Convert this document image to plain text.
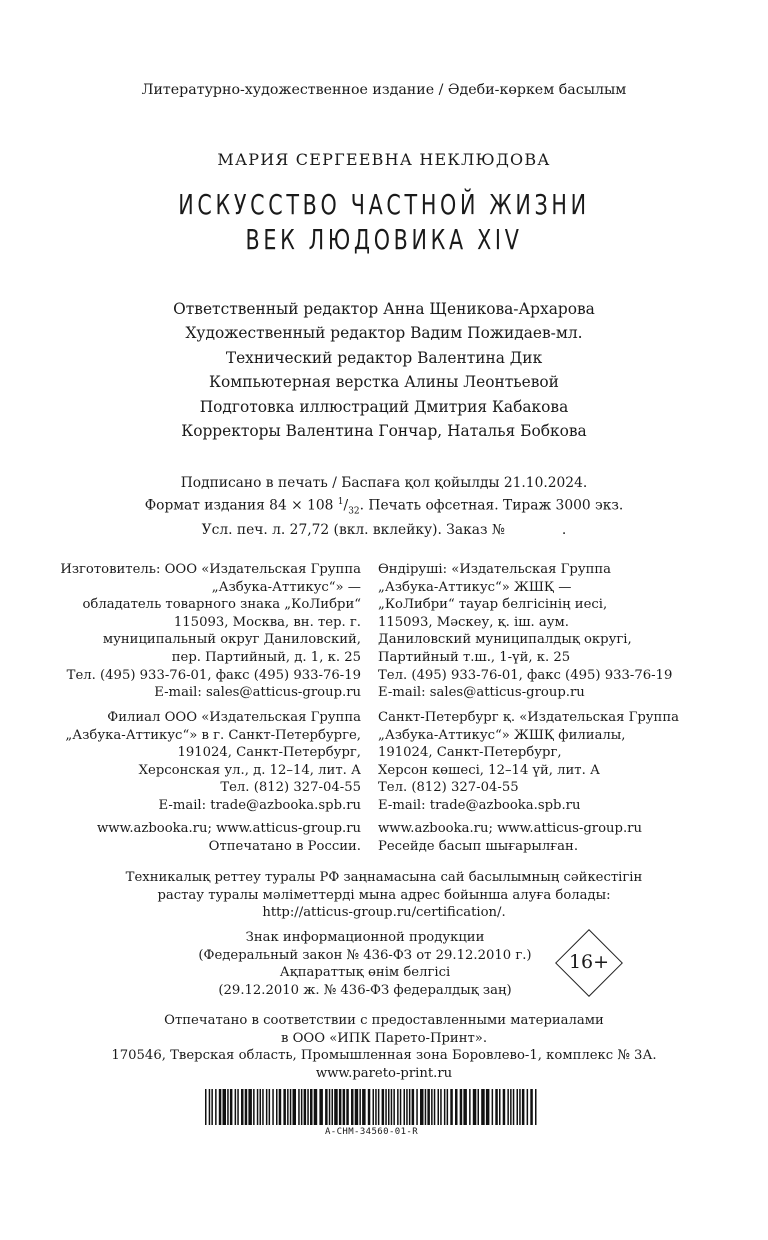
Литературно-художественное издание / Әдеби-көркем басылым
МАРИЯ СЕРГЕЕВНА НЕКЛЮДОВА
ИСКУССТВО ЧАСТНОЙ ЖИЗНИ
ВЕК ЛЮДОВИКА XIV
Ответственный редактор Анна Щеникова-Архарова
Художественный редактор Вадим Пожидаев-мл.
Технический редактор Валентина Дик
Компьютерная верстка Алины Леонтьевой
Подготовка иллюстраций Дмитрия Кабакова
Корректоры Валентина Гончар, Наталья Бобкова
Подписано в печать / Баспаға қол қойылды 21.10.2024.
Формат издания 84 × 108 $^1/_{32}$. Печать офсетная. Тираж 3000 экз.
Усл. печ. л. 27,72 (вкл. вклейку). Заказ №             .
Изготовитель: ООО «Издательская Группа
„Азбука-Аттикус“» —
обладатель товарного знака „КоЛибри“
115093, Москва, вн. тер. г.
муниципальный округ Даниловский,
пер. Партийный, д. 1, к. 25
Тел. (495) 933-76-01, факс (495) 933-76-19
E-mail: sales@atticus-group.ru
Өндіруші: «Издательская Группа
„Азбука-Аттикус“» ЖШҚ —
„КоЛибри“ тауар белгісінің иесі,
115093, Мәскеу, қ. іш. аум.
Даниловский муниципалдық округі,
Партийный т.ш., 1-үй, к. 25
Тел. (495) 933-76-01, факс (495) 933-76-19
E-mail: sales@atticus-group.ru
Филиал ООО «Издательская Группа
„Азбука-Аттикус“» в г. Санкт-Петербурге,
191024, Санкт-Петербург,
Херсонская ул., д. 12–14, лит. А
Тел. (812) 327-04-55
E-mail: trade@azbooka.spb.ru
Санкт-Петербург қ. «Издательская Группа
„Азбука-Аттикус“» ЖШҚ филиалы,
191024, Санкт-Петербург,
Херсон көшесі, 12–14 үй, лит. А
Тел. (812) 327-04-55
E-mail: trade@azbooka.spb.ru
www.azbooka.ru; www.atticus-group.ru
Отпечатано в России.
www.azbooka.ru; www.atticus-group.ru
Ресейде басып шығарылған.
Техникалық реттеу туралы РФ заңнамасына сай басылымның сәйкестігін
растау туралы мәліметтерді мына адрес бойынша алуға болады:
http://atticus-group.ru/certification/.
Знак информационной продукции
(Федеральный закон № 436-ФЗ от 29.12.2010 г.)
Ақпараттық өнім белгісі
(29.12.2010 ж. № 436-ФЗ федералдық заң)
16+
Отпечатано в соответствии с предоставленными материалами
в ООО «ИПК Парето-Принт».
170546, Тверская область, Промышленная зона Боровлево-1, комплекс № 3А.
www.pareto-print.ru
A-CHM-34560-01-R
